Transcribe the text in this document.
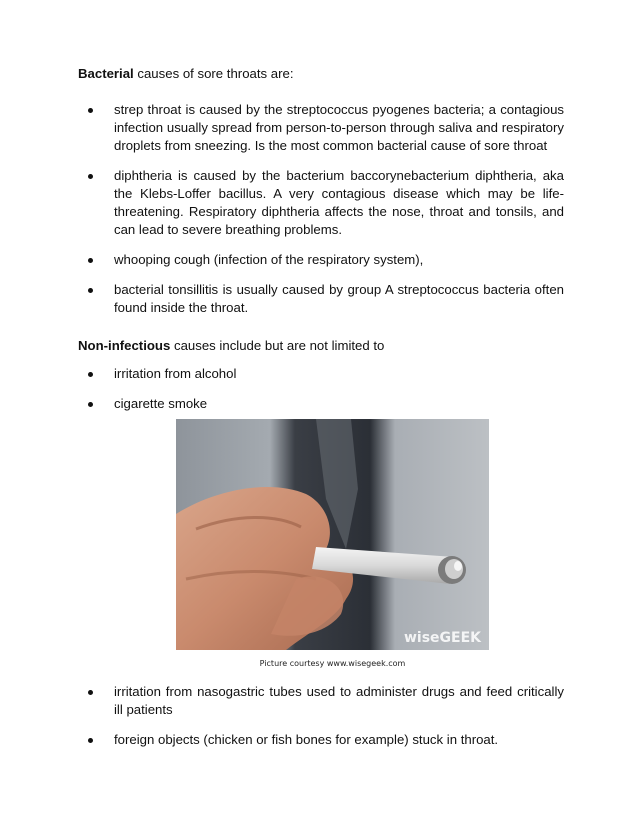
Bacterial causes of sore throats are:

strep throat is caused by the streptococcus pyogenes bacteria; a contagious infection usually spread from person-to-person through saliva and respiratory droplets from sneezing. Is the most common bacterial cause of sore throat
diphtheria is caused by the bacterium baccorynebacterium diphtheria, aka the Klebs-Loffer bacillus. A very contagious disease which may be life-threatening. Respiratory diphtheria affects the nose, throat and tonsils, and can lead to severe breathing problems.
whooping cough (infection of the respiratory system),
bacterial tonsillitis is usually caused by group A streptococcus bacteria often found inside the throat.

Non-infectious causes include but are not limited to

irritation from alcohol
cigarette smoke
wiseGEEK
Picture courtesy www.wisegeek.com
irritation from nasogastric tubes used to administer drugs and feed critically ill patients
foreign objects (chicken or fish bones for example) stuck in throat.
